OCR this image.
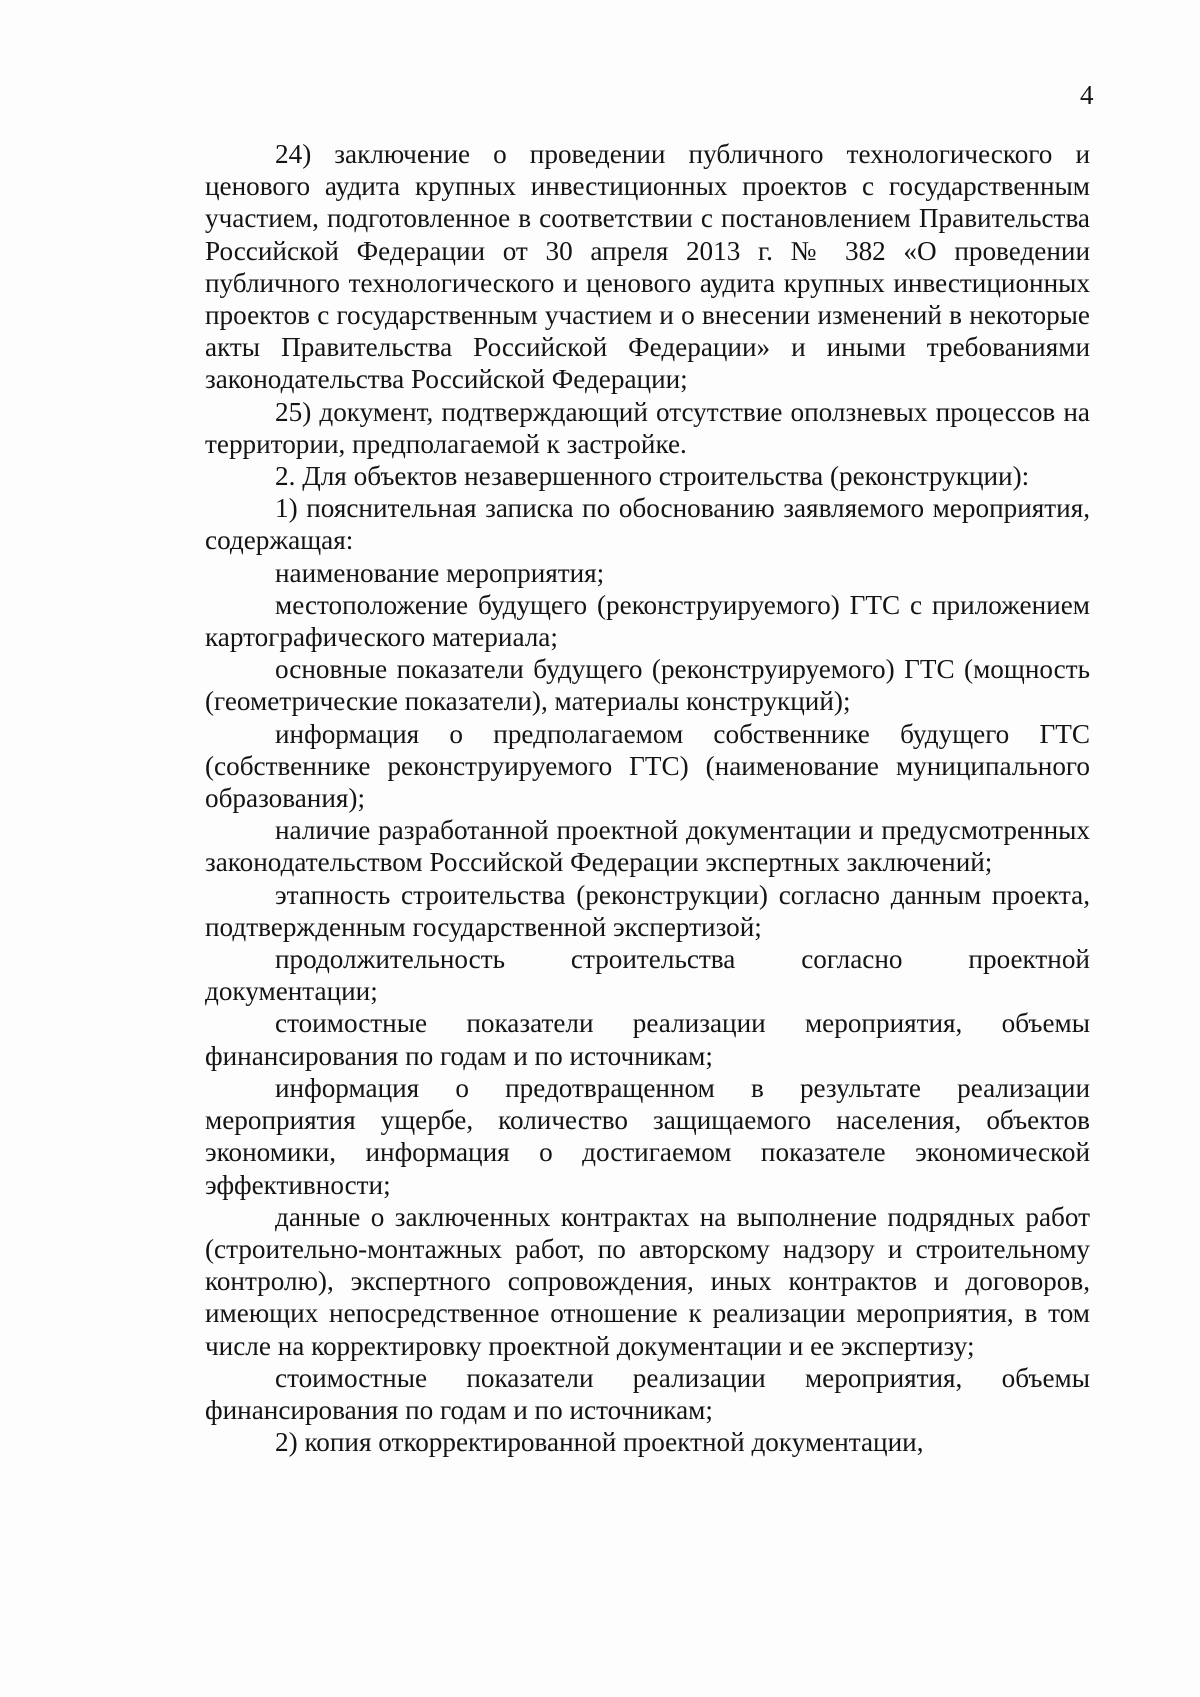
4

24) заключение о проведении публичного технологического и ценового аудита крупных инвестиционных проектов с государственным участием, подготовленное в соответствии с постановлением Правительства Российской Федерации от 30 апреля 2013 г. № 382 «О проведении публичного технологического и ценового аудита крупных инвестиционных проектов с государственным участием и о внесении изменений в некоторые акты Правительства Российской Федерации» и иными требованиями законодательства Российской Федерации;

25) документ, подтверждающий отсутствие оползневых процессов на территории, предполагаемой к застройке.

2. Для объектов незавершенного строительства (реконструкции):

1) пояснительная записка по обоснованию заявляемого мероприятия, содержащая:

наименование мероприятия;

местоположение будущего (реконструируемого) ГТС с приложением картографического материала;

основные показатели будущего (реконструируемого) ГТС (мощность (геометрические показатели), материалы конструкций);

информация о предполагаемом собственнике будущего ГТС (собственнике реконструируемого ГТС) (наименование муниципального образования);

наличие разработанной проектной документации и предусмотренных законодательством Российской Федерации экспертных заключений;

этапность строительства (реконструкции) согласно данным проекта, подтвержденным государственной экспертизой;

продолжительность строительства согласно проектной документации;

стоимостные показатели реализации мероприятия, объемы финансирования по годам и по источникам;

информация о предотвращенном в результате реализации мероприятия ущербе, количество защищаемого населения, объектов экономики, информация о достигаемом показателе экономической эффективности;

данные о заключенных контрактах на выполнение подрядных работ (строительно-монтажных работ, по авторскому надзору и строительному контролю), экспертного сопровождения, иных контрактов и договоров, имеющих непосредственное отношение к реализации мероприятия, в том числе на корректировку проектной документации и ее экспертизу;

стоимостные показатели реализации мероприятия, объемы финансирования по годам и по источникам;

2) копия откорректированной проектной документации,
